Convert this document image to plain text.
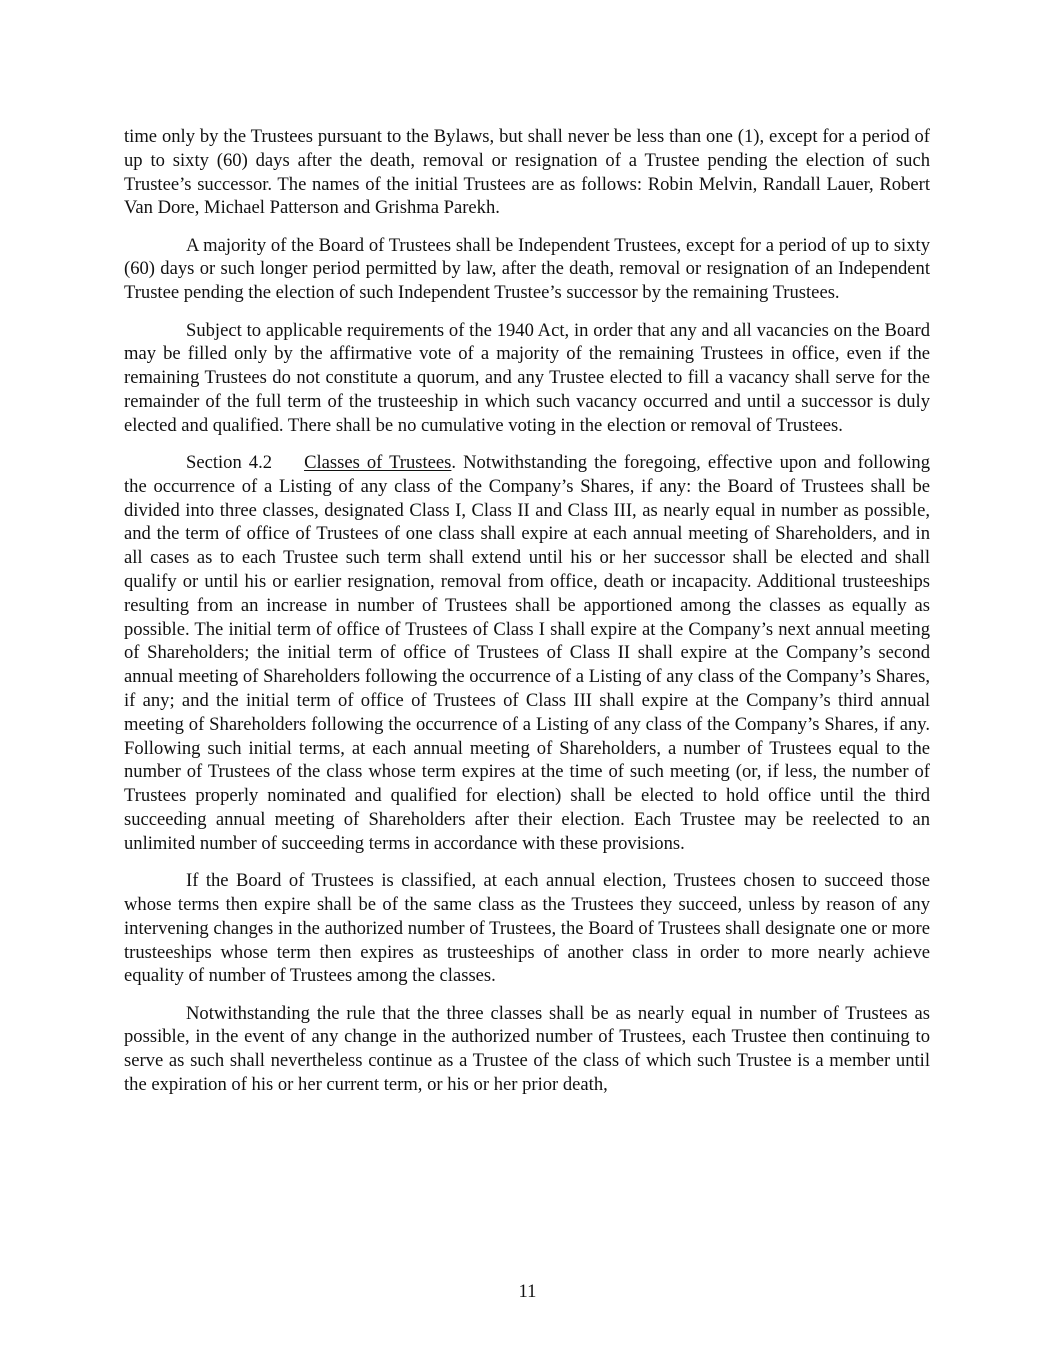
time only by the Trustees pursuant to the Bylaws, but shall never be less than one (1), except for a period of up to sixty (60) days after the death, removal or resignation of a Trustee pending the election of such Trustee’s successor. The names of the initial Trustees are as follows: Robin Melvin, Randall Lauer, Robert Van Dore, Michael Patterson and Grishma Parekh.

A majority of the Board of Trustees shall be Independent Trustees, except for a period of up to sixty (60) days or such longer period permitted by law, after the death, removal or resignation of an Independent Trustee pending the election of such Independent Trustee’s successor by the remaining Trustees.

Subject to applicable requirements of the 1940 Act, in order that any and all vacancies on the Board may be filled only by the affirmative vote of a majority of the remaining Trustees in office, even if the remaining Trustees do not constitute a quorum, and any Trustee elected to fill a vacancy shall serve for the remainder of the full term of the trusteeship in which such vacancy occurred and until a successor is duly elected and qualified. There shall be no cumulative voting in the election or removal of Trustees.

Section 4.2 Classes of Trustees. Notwithstanding the foregoing, effective upon and following the occurrence of a Listing of any class of the Company’s Shares, if any: the Board of Trustees shall be divided into three classes, designated Class I, Class II and Class III, as nearly equal in number as possible, and the term of office of Trustees of one class shall expire at each annual meeting of Shareholders, and in all cases as to each Trustee such term shall extend until his or her successor shall be elected and shall qualify or until his or earlier resignation, removal from office, death or incapacity. Additional trusteeships resulting from an increase in number of Trustees shall be apportioned among the classes as equally as possible. The initial term of office of Trustees of Class I shall expire at the Company’s next annual meeting of Shareholders; the initial term of office of Trustees of Class II shall expire at the Company’s second annual meeting of Shareholders following the occurrence of a Listing of any class of the Company’s Shares, if any; and the initial term of office of Trustees of Class III shall expire at the Company’s third annual meeting of Shareholders following the occurrence of a Listing of any class of the Company’s Shares, if any. Following such initial terms, at each annual meeting of Shareholders, a number of Trustees equal to the number of Trustees of the class whose term expires at the time of such meeting (or, if less, the number of Trustees properly nominated and qualified for election) shall be elected to hold office until the third succeeding annual meeting of Shareholders after their election. Each Trustee may be reelected to an unlimited number of succeeding terms in accordance with these provisions.

If the Board of Trustees is classified, at each annual election, Trustees chosen to succeed those whose terms then expire shall be of the same class as the Trustees they succeed, unless by reason of any intervening changes in the authorized number of Trustees, the Board of Trustees shall designate one or more trusteeships whose term then expires as trusteeships of another class in order to more nearly achieve equality of number of Trustees among the classes.

Notwithstanding the rule that the three classes shall be as nearly equal in number of Trustees as possible, in the event of any change in the authorized number of Trustees, each Trustee then continuing to serve as such shall nevertheless continue as a Trustee of the class of which such Trustee is a member until the expiration of his or her current term, or his or her prior death,

11
